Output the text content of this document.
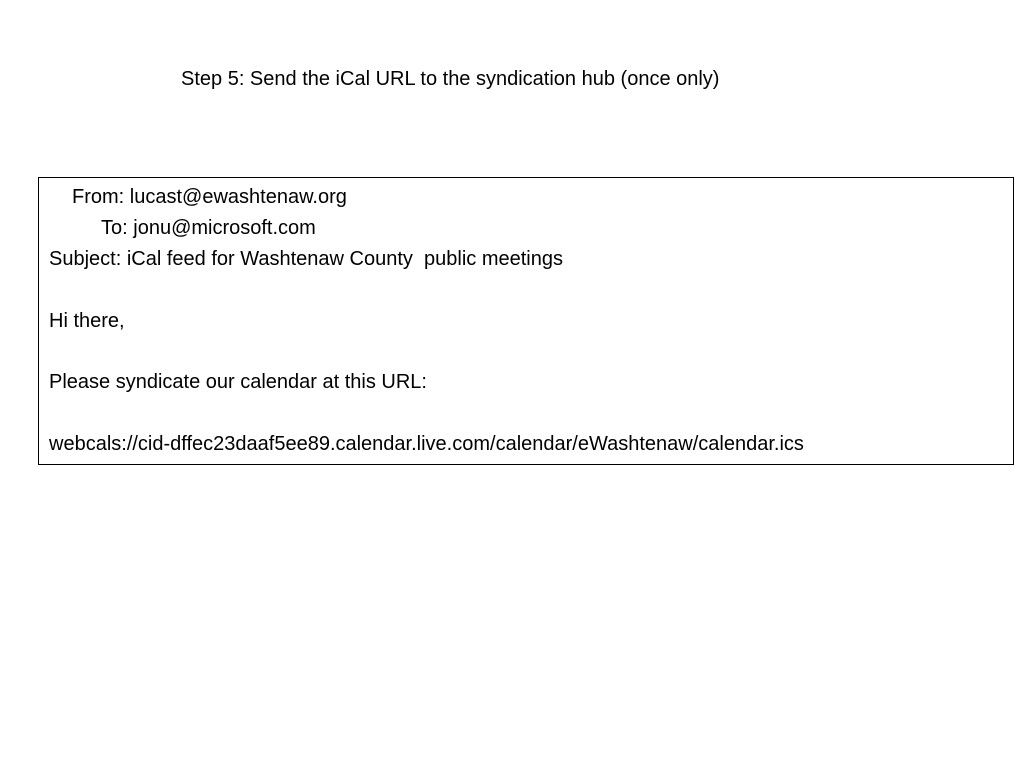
Step 5: Send the iCal URL to the syndication hub (once only)
From: lucast@ewashtenaw.org
To: jonu@microsoft.com
Subject: iCal feed for Washtenaw County  public meetings
Hi there,
Please syndicate our calendar at this URL:
webcals://cid-dffec23daaf5ee89.calendar.live.com/calendar/eWashtenaw/calendar.ics
